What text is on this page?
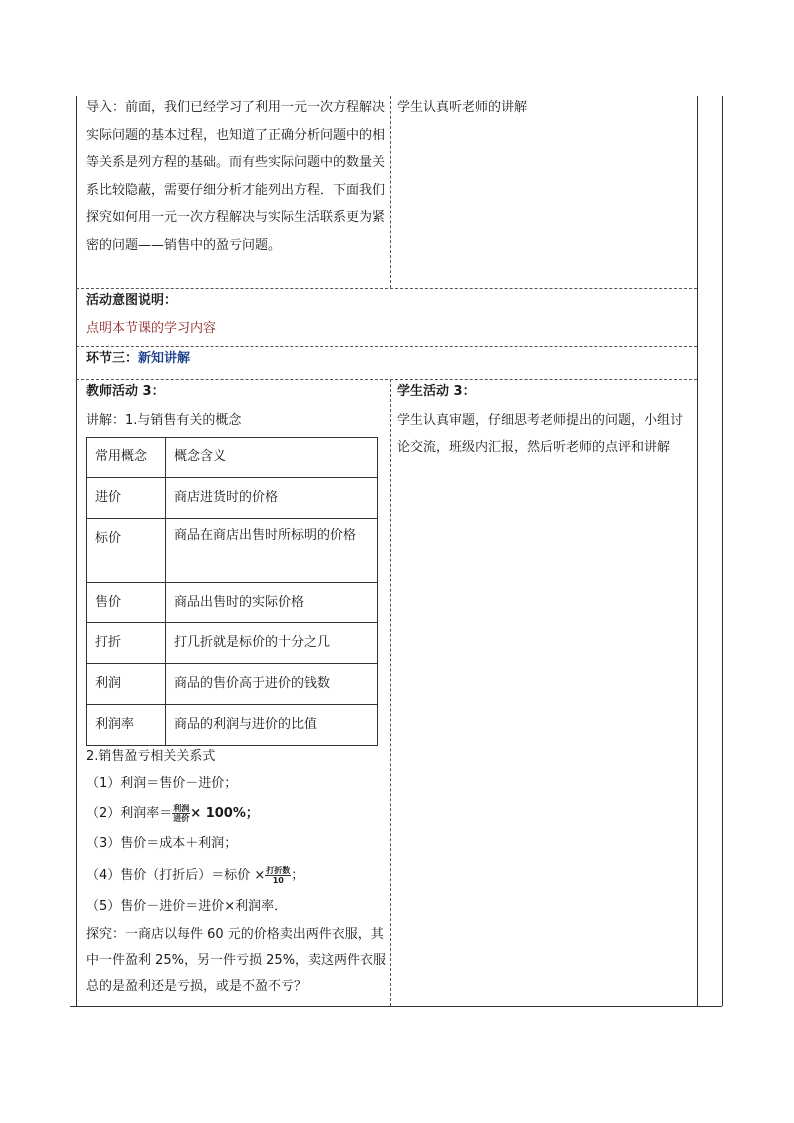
导入：前面，我们已经学习了利用一元一次方程解决实际问题的基本过程，也知道了正确分析问题中的相等关系是列方程的基础。而有些实际问题中的数量关系比较隐蔽，需要仔细分析才能列出方程．下面我们探究如何用一元一次方程解决与实际生活联系更为紧密的问题——销售中的盈亏问题。
学生认真听老师的讲解
活动意图说明：
点明本节课的学习内容
环节三：新知讲解
教师活动 3：
讲解：1.与销售有关的概念
常用概念	概念含义
进价	商店进货时的价格
标价	商品在商店出售时所标明的价格
售价	商品出售时的实际价格
打折	打几折就是标价的十分之几
利润	商品的售价高于进价的钱数
利润率	商品的利润与进价的比值
2.销售盈亏相关关系式
（1）利润＝售价－进价；
（2）利润率＝ $\frac{\text{利润}}{\text{进价}} \times 100\%$；
（3）售价＝成本＋利润；
（4）售价（打折后）＝标价 × $\frac{\text{打折数}}{10}$ ；
（5）售价－进价＝进价×利润率．
探究：一商店以每件 60 元的价格卖出两件衣服，其中一件盈利 25%，另一件亏损 25%，卖这两件衣服总的是盈利还是亏损，或是不盈不亏？
学生活动 3：
学生认真审题，仔细思考老师提出的问题，小组讨论交流，班级内汇报，然后听老师的点评和讲解
